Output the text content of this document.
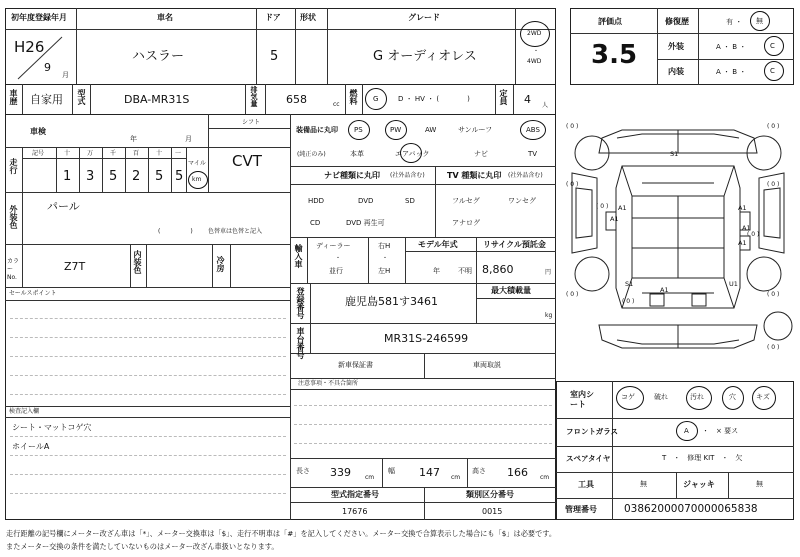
初年度登録年月
H26
9
月
車名
ハスラー
ドア
5
形状	グレード
G オーディオレス
2WD
・
4WD
車歴 自家用 型式	DBA-MR31S	排気量	658	cc 燃料 G	D ・ HV ・ (　　　　)	定員 4 人
車検
年	月
シフト
CVT
走行
記号	十	万	千	百	十 一
1 3 5 2 5 5
マイル
km
外装色	パール
(　　　　　)	色替車は色替と記入
カラーNo.
Z7T	内装色	冷房
セールスポイント
検査記入欄
シート・マットコゲ穴
ホイールA
装備品に丸印
(純正のみ)
PS	PW	AW	サンルーフ	ABS
本革	エアバック	ナビ	TV
ナビ種類に丸印 (社外品含む)
HDD	DVD	SD
CD	DVD 再生可
TV 種類に丸印 (社外品含む)
フルセグ	ワンセグ
アナログ
輸入車 ディーラー
・
並行
右H
・
左H
モデル年式
年	不明
リサイクル預託金
8,860	円
登録番号	鹿児島581す3461
最大積載量
kg
車台番号	MR31S-246599
新車保証書	車両取説
注意事項・不具合箇所
長さ 339 cm
幅 147 cm
高さ 166 cm
型式指定番号
17676
類別区分番号
0015
評価点
3.5
修復歴	有 ・ 無
外装	A ・ B ・	C
内装	A ・ B ・	C
S1
A1
A1
A1
A1
A1
S1	U1
A1
( 0 )	( 0 )
( 0 )	( 0 )
( 0 )
( 0 )
( 0 )	( 0 )
( 0 )
( 0 )
室内シート
コゲ	破れ	汚れ	穴	キズ
フロントガラス	A ・　× 要ス
スペアタイヤ	T　・　修理 KIT　・　欠
工具	無	ジャッキ	無
管理番号	03862000070000065838
走行距離の記号欄にメーター改ざん車は「*」、メーター交換車は「$」、走行不明車は「#」を記入してください。メーター交換で合算表示した場合にも「$」は必要です。
またメーター交換の条件を満たしていないものはメーター改ざん車扱いとなります。
